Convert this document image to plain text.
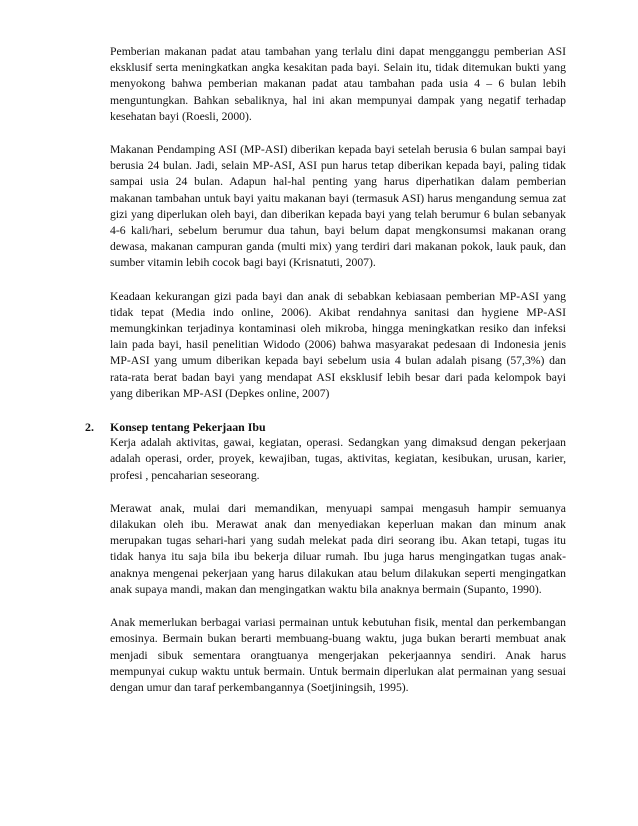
Pemberian makanan padat atau tambahan yang terlalu dini dapat mengganggu pemberian ASI eksklusif serta meningkatkan angka kesakitan pada bayi. Selain itu, tidak ditemukan bukti yang menyokong bahwa pemberian makanan padat atau tambahan pada usia 4 – 6 bulan lebih menguntungkan. Bahkan sebaliknya, hal ini akan mempunyai dampak yang negatif terhadap kesehatan bayi (Roesli, 2000).

Makanan Pendamping ASI (MP-ASI) diberikan kepada bayi setelah berusia 6 bulan sampai bayi berusia 24 bulan. Jadi, selain MP-ASI, ASI pun harus tetap diberikan kepada bayi, paling tidak sampai usia 24 bulan. Adapun hal-hal penting yang harus diperhatikan dalam pemberian makanan tambahan untuk bayi yaitu makanan bayi (termasuk ASI) harus mengandung semua zat gizi yang diperlukan oleh bayi, dan diberikan kepada bayi yang telah berumur 6 bulan sebanyak 4-6 kali/hari, sebelum berumur dua tahun, bayi belum dapat mengkonsumsi makanan orang dewasa, makanan campuran ganda (multi mix) yang terdiri dari makanan pokok, lauk pauk, dan sumber vitamin lebih cocok bagi bayi (Krisnatuti, 2007).

Keadaan kekurangan gizi pada bayi dan anak di sebabkan kebiasaan pemberian MP-ASI yang tidak tepat (Media indo online, 2006). Akibat rendahnya sanitasi dan hygiene MP-ASI memungkinkan terjadinya kontaminasi oleh mikroba, hingga meningkatkan resiko dan infeksi lain pada bayi, hasil penelitian Widodo (2006) bahwa masyarakat pedesaan di Indonesia jenis MP-ASI yang umum diberikan kepada bayi sebelum usia 4 bulan adalah pisang (57,3%) dan rata-rata berat badan bayi yang mendapat ASI eksklusif lebih besar dari pada kelompok bayi yang diberikan MP-ASI (Depkes online, 2007)

2. Konsep tentang Pekerjaan Ibu

Kerja adalah aktivitas, gawai, kegiatan, operasi. Sedangkan yang dimaksud dengan pekerjaan adalah operasi, order, proyek, kewajiban, tugas, aktivitas, kegiatan, kesibukan, urusan, karier, profesi , pencaharian seseorang.

Merawat anak, mulai dari memandikan, menyuapi sampai mengasuh hampir semuanya dilakukan oleh ibu. Merawat anak dan menyediakan keperluan makan dan minum anak merupakan tugas sehari-hari yang sudah melekat pada diri seorang ibu. Akan tetapi, tugas itu tidak hanya itu saja bila ibu bekerja diluar rumah. Ibu juga harus mengingatkan tugas anak-anaknya mengenai pekerjaan yang harus dilakukan atau belum dilakukan seperti mengingatkan anak supaya mandi, makan dan mengingatkan waktu bila anaknya bermain (Supanto, 1990).

Anak memerlukan berbagai variasi permainan untuk kebutuhan fisik, mental dan perkembangan emosinya. Bermain bukan berarti membuang-buang waktu, juga bukan berarti membuat anak menjadi sibuk sementara orangtuanya mengerjakan pekerjaannya sendiri. Anak harus mempunyai cukup waktu untuk bermain. Untuk bermain diperlukan alat permainan yang sesuai dengan umur dan taraf perkembangannya (Soetjiningsih, 1995).
